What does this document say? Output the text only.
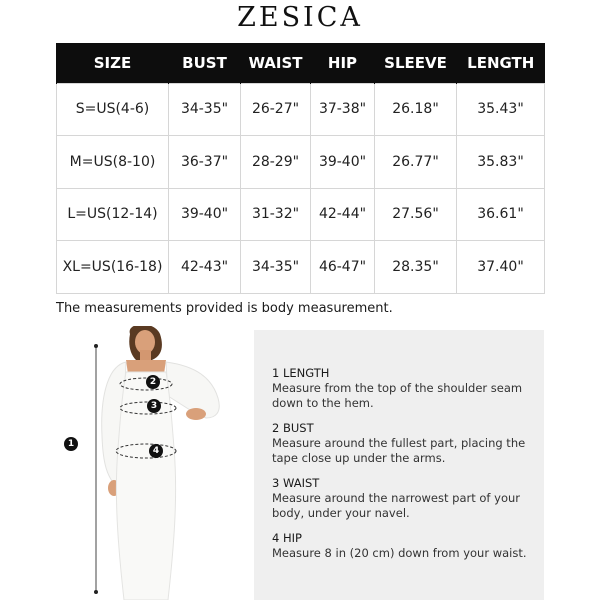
ZESICA
SIZE	BUST	WAIST	HIP	SLEEVE	LENGTH
S=US(4-6)	34-35"	26-27"	37-38"	26.18"	35.43"
M=US(8-10)	36-37"	28-29"	39-40"	26.77"	35.83"
L=US(12-14)	39-40"	31-32"	42-44"	27.56"	36.61"
XL=US(16-18)	42-43"	34-35"	46-47"	28.35"	37.40"
The measurements provided is body measurement.
1
2
3
4
1 LENGTH
Measure from the top of the shoulder seam down to the hem.
2 BUST
Measure around the fullest part, placing the tape close up under the arms.
3 WAIST
Measure around the narrowest part of your body, under your navel.
4 HIP
Measure 8 in (20 cm) down from your waist.
